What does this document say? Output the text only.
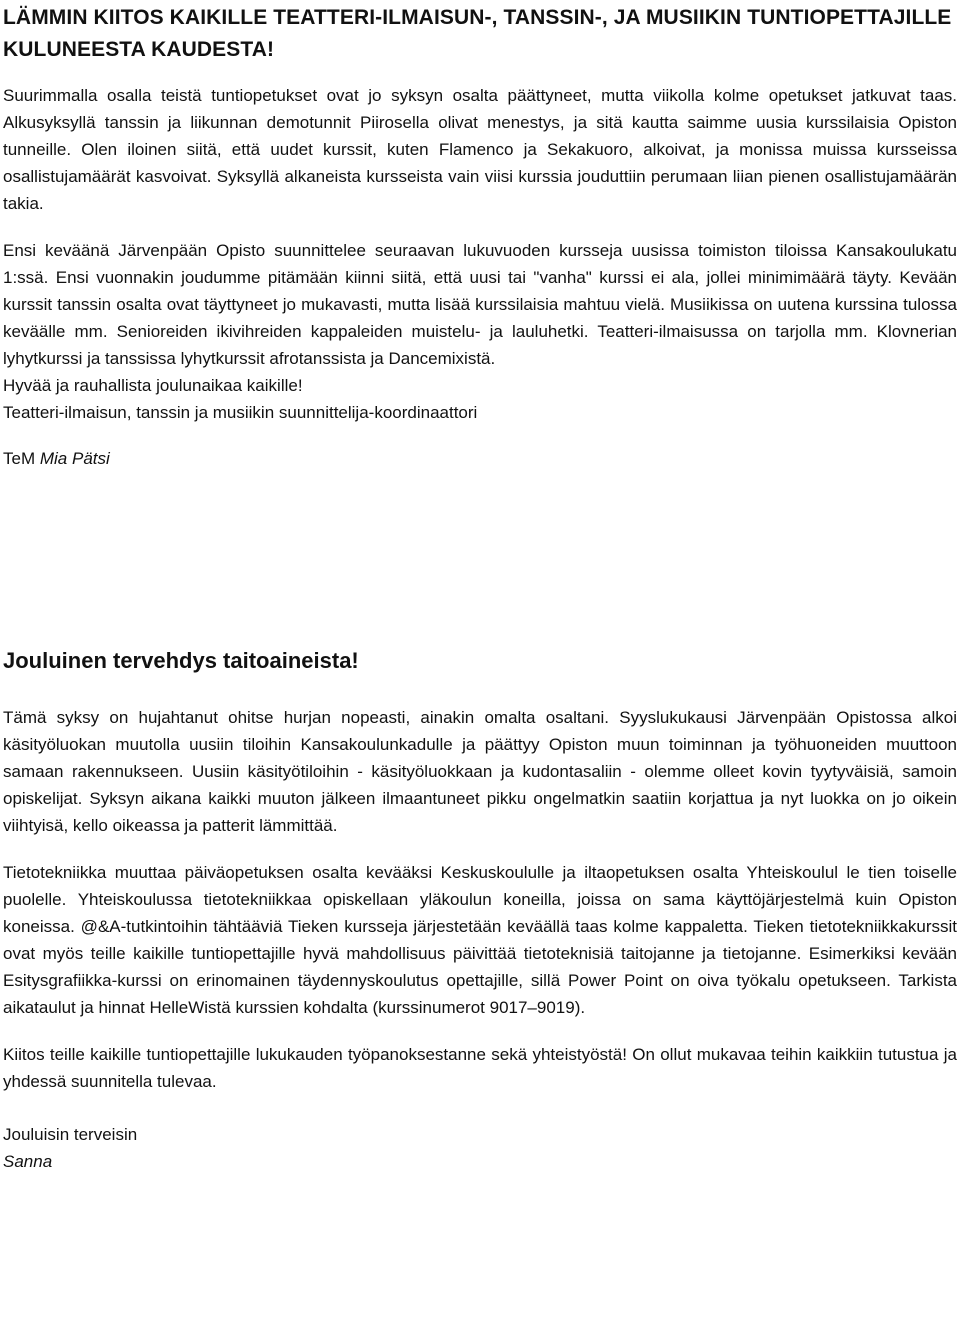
LÄMMIN KIITOS KAIKILLE TEATTERI-ILMAISUN-, TANSSIN-, JA MUSIIKIN TUNTIOPETTAJILLE KULUNEESTA KAUDESTA!

Suurimmalla osalla teistä tuntiopetukset ovat jo syksyn osalta päättyneet, mutta viikolla kolme opetukset jatkuvat taas. Alkusyksyllä tanssin ja liikunnan demotunnit Piirosella olivat menestys, ja sitä kautta saimme uusia kurssilaisia Opiston tunneille. Olen iloinen siitä, että uudet kurssit, kuten Flamenco ja Sekakuoro, alkoivat, ja monissa muissa kursseissa osallistujamäärät kasvoivat. Syksyllä alkaneista kursseista vain viisi kurssia jouduttiin perumaan liian pienen osallistujamäärän takia.

Ensi keväänä Järvenpään Opisto suunnittelee seuraavan lukuvuoden kursseja uusissa toimiston tiloissa Kansakoulukatu 1:ssä. Ensi vuonnakin joudumme pitämään kiinni siitä, että uusi tai "vanha" kurssi ei ala, jollei minimimäärä täyty. Kevään kurssit tanssin osalta ovat täyttyneet jo mukavasti, mutta lisää kurssilaisia mahtuu vielä. Musiikissa on uutena kurssina tulossa keväälle mm. Senioreiden ikivihreiden kappaleiden muistelu- ja lauluhetki. Teatteri-ilmaisussa on tarjolla mm. Klovnerian lyhytkurssi ja tanssissa lyhytkurssit afrotanssista ja Dancemixistä.

Hyvää ja rauhallista joulunaikaa kaikille!

Teatteri-ilmaisun, tanssin ja musiikin suunnittelija-koordinaattori

TeM Mia Pätsi

Jouluinen tervehdys taitoaineista!

Tämä syksy on hujahtanut ohitse hurjan nopeasti, ainakin omalta osaltani. Syyslukukausi Järvenpään Opistossa alkoi käsityöluokan muutolla uusiin tiloihin Kansakoulunkadulle ja päättyy Opiston muun toiminnan ja työhuoneiden muuttoon samaan rakennukseen. Uusiin käsityötiloihin - käsityöluokkaan ja kudontasaliin - olemme olleet kovin tyytyväisiä, samoin opiskelijat. Syksyn aikana kaikki muuton jälkeen ilmaantuneet pikku ongelmatkin saatiin korjattua ja nyt luokka on jo oikein viihtyisä, kello oikeassa ja patterit lämmittää.

Tietotekniikka muuttaa päiväopetuksen osalta kevääksi Keskuskoululle ja iltaopetuksen osalta Yhteiskoulul le tien toiselle puolelle. Yhteiskoulussa tietotekniikkaa opiskellaan yläkoulun koneilla, joissa on sama käyttöjärjestelmä kuin Opiston koneissa. @&A-tutkintoihin tähtääviä Tieken kursseja järjestetään keväällä taas kolme kappaletta. Tieken tietotekniikkakurssit ovat myös teille kaikille tuntiopettajille hyvä mahdollisuus päivittää tietoteknisiä taitojanne ja tietojanne. Esimerkiksi kevään Esitysgrafiikka-kurssi on erinomainen täydennyskoulutus opettajille, sillä Power Point on oiva työkalu opetukseen. Tarkista aikataulut ja hinnat HelleWistä kurssien kohdalta (kurssinumerot 9017–9019).

Kiitos teille kaikille tuntiopettajille lukukauden työpanoksestanne sekä yhteistyöstä! On ollut mukavaa teihin kaikkiin tutustua ja yhdessä suunnitella tulevaa.

Jouluisin terveisin

Sanna
